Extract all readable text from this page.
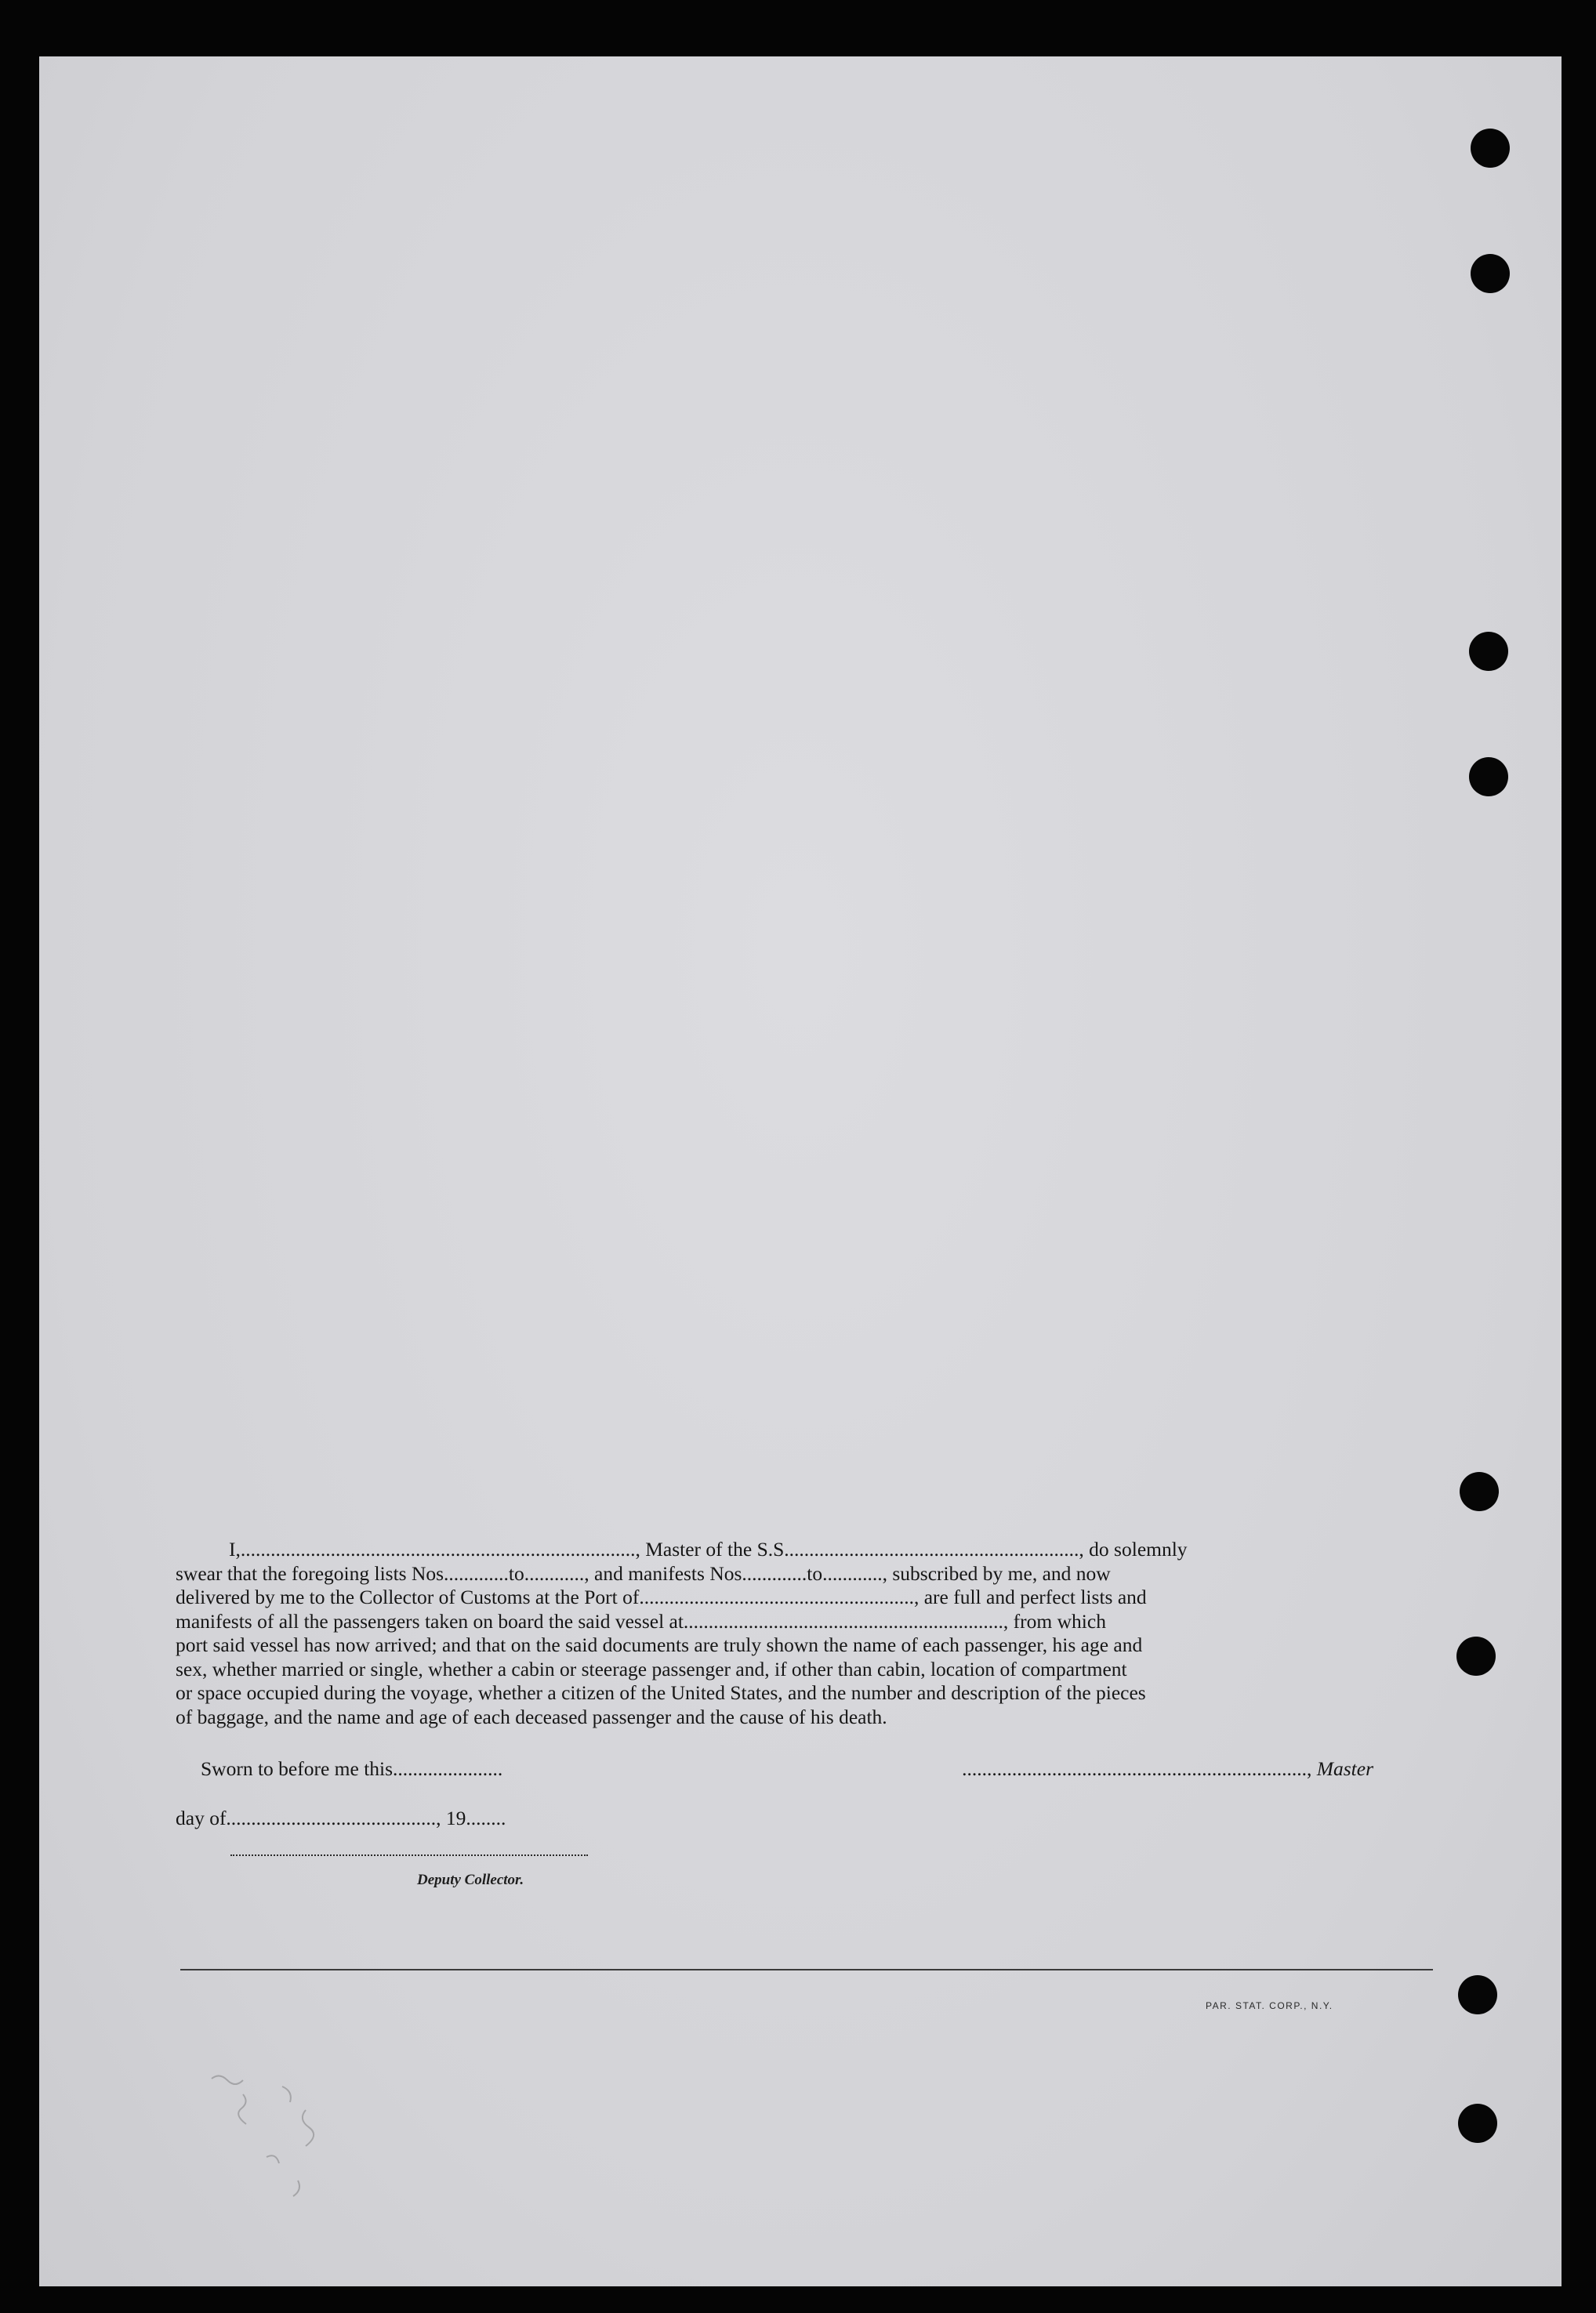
I,..............................................................................., Master of the S.S..........................................................., do solemnly
swear that the foregoing lists Nos.............to............, and manifests Nos.............to............, subscribed by me, and now
delivered by me to the Collector of Customs at the Port of......................................................., are full and perfect lists and
manifests of all the passengers taken on board the said vessel at................................................................, from which
port said vessel has now arrived; and that on the said documents are truly shown the name of each passenger, his age and
sex, whether married or single, whether a cabin or steerage passenger and, if other than cabin, location of compartment
or space occupied during the voyage, whether a citizen of the United States, and the number and description of the pieces
of baggage, and the name and age of each deceased passenger and the cause of his death.

Sworn to before me this......................	....................................................................., Master
day of.........................................., 19........
Deputy Collector.
PAR. STAT. CORP., N.Y.
